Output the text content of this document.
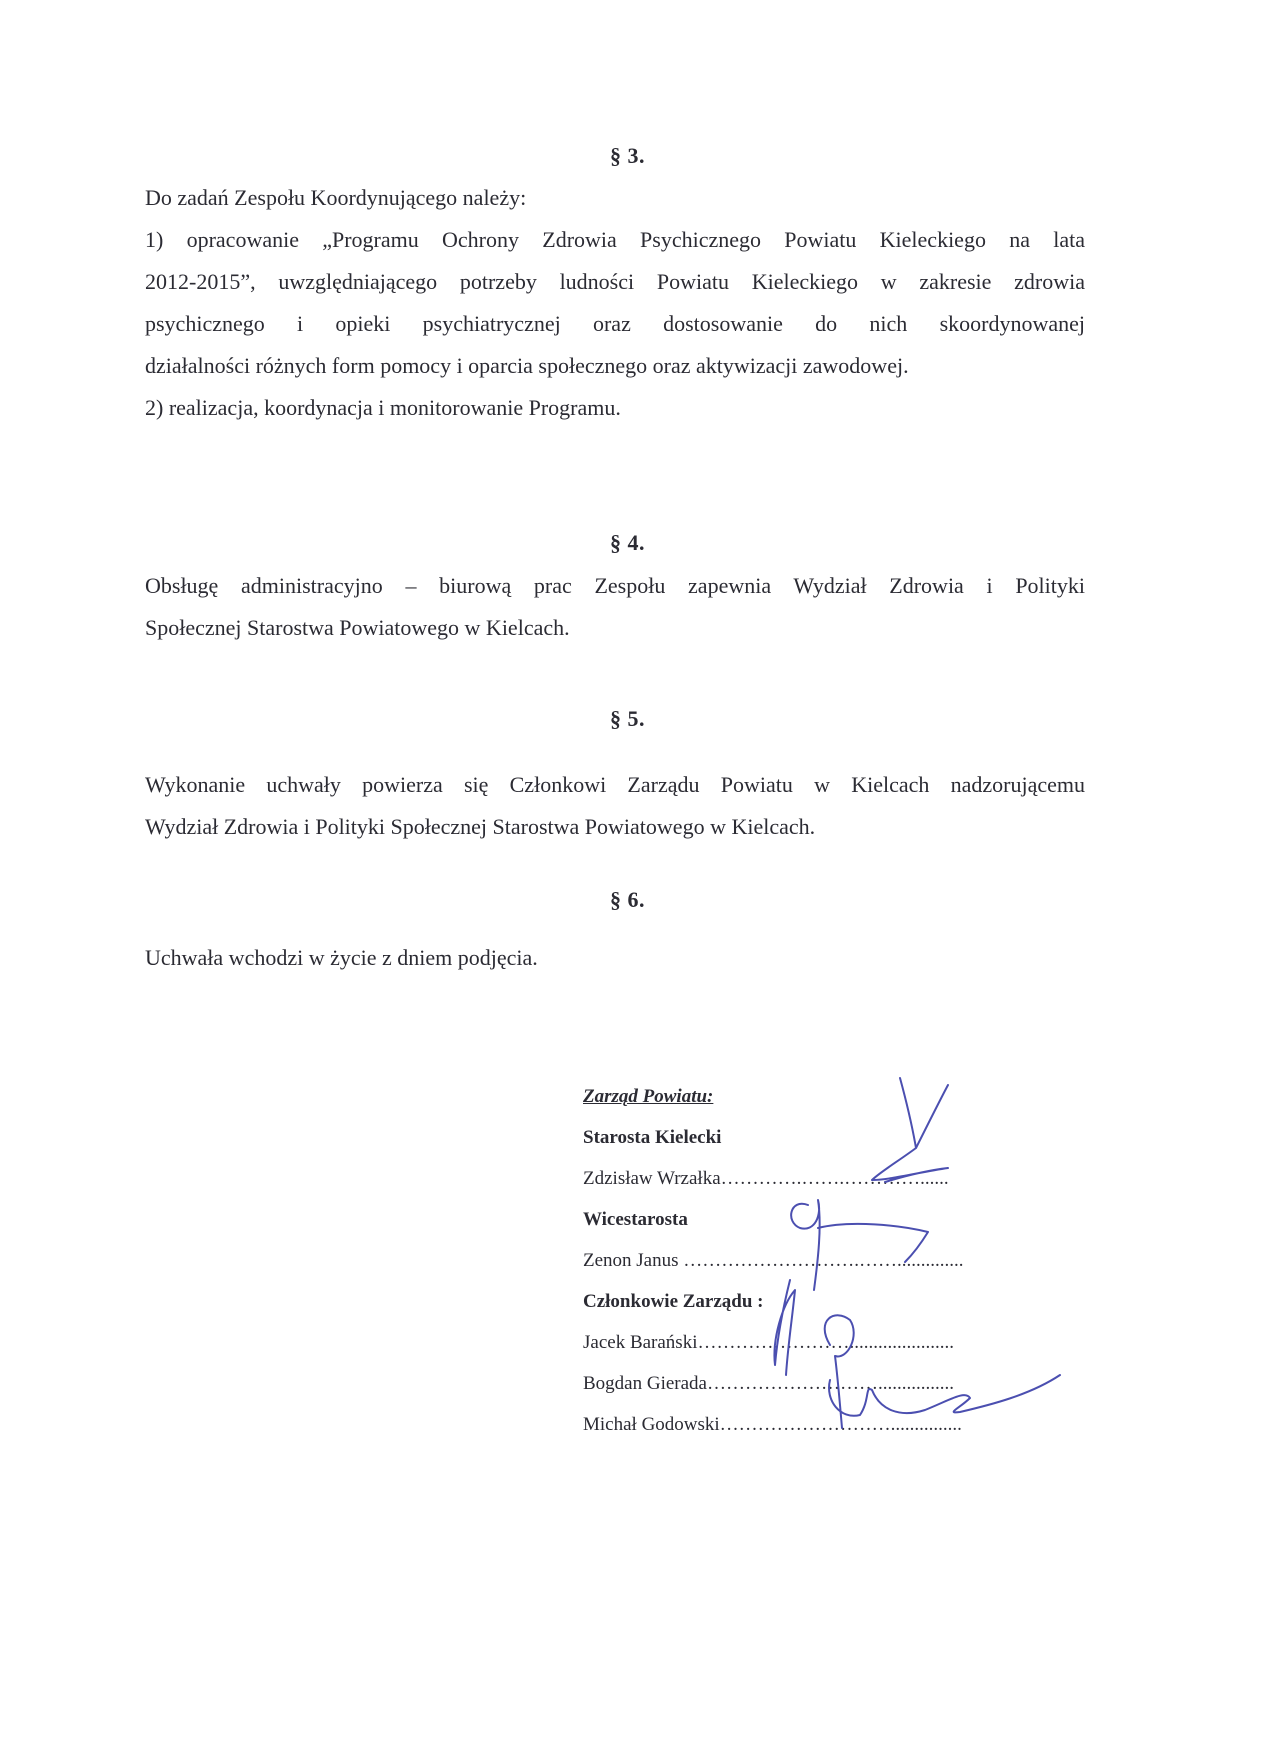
§ 3.
Do zadań Zespołu Koordynującego należy:
1) opracowanie „Programu Ochrony Zdrowia Psychicznego Powiatu Kieleckiego na lata
2012-2015”, uwzględniającego potrzeby ludności Powiatu Kieleckiego w zakresie zdrowia
psychicznego i opieki psychiatrycznej oraz dostosowanie do nich skoordynowanej
działalności różnych form pomocy i oparcia społecznego oraz aktywizacji zawodowej.
2) realizacja, koordynacja i monitorowanie Programu.
§ 4.
Obsługę administracyjno – biurową prac Zespołu zapewnia Wydział Zdrowia i Polityki
Społecznej Starostwa Powiatowego w Kielcach.
§ 5.
Wykonanie uchwały powierza się Członkowi Zarządu Powiatu w Kielcach nadzorującemu
Wydział Zdrowia i Polityki Społecznej Starostwa Powiatowego w Kielcach.
§ 6.
Uchwała wchodzi w życie z dniem podjęcia.
Zarząd Powiatu:
Starosta Kielecki
Zdzisław Wrzałka………….…….…………......
Wicestarosta
Zenon Janus ……………………….……..............
Członkowie Zarządu :
Jacek Barański……………………......................
Bogdan Gierada………………………................
Michał Godowski………………………...............
